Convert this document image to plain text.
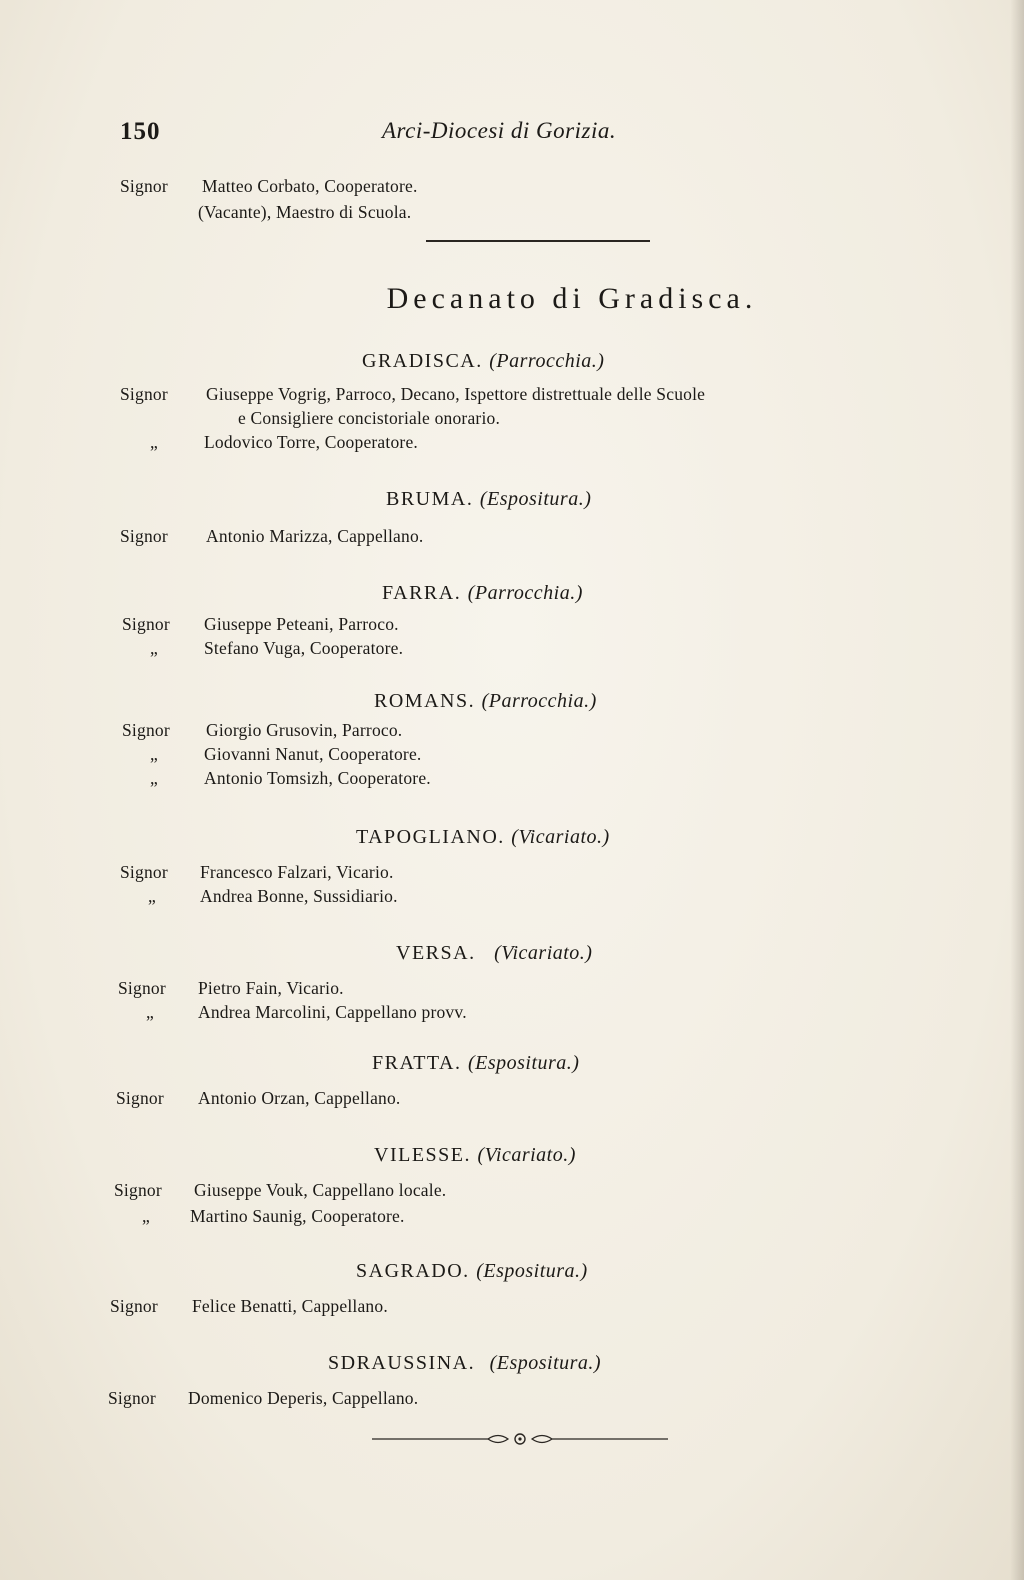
150	Arci-Diocesi di Gorizia.
Signor Matteo Corbato, Cooperatore.
(Vacante), Maestro di Scuola.
Decanato di Gradisca.
GRADISCA. (Parrocchia.)
Signor Giuseppe Vogrig, Parroco, Decano, Ispettore distrettuale delle Scuole
e Consigliere concistoriale onorario.
„	Lodovico Torre, Cooperatore.
BRUMA. (Espositura.)
Signor Antonio Marizza, Cappellano.
FARRA. (Parrocchia.)
Signor Giuseppe Peteani, Parroco.
„	Stefano Vuga, Cooperatore.
ROMANS. (Parrocchia.)
Signor Giorgio Grusovin, Parroco.
„	Giovanni Nanut, Cooperatore.
„	Antonio Tomsizh, Cooperatore.
TAPOGLIANO. (Vicariato.)
Signor Francesco Falzari, Vicario.
„	Andrea Bonne, Sussidiario.
VERSA. (Vicariato.)
Signor Pietro Fain, Vicario.
„	Andrea Marcolini, Cappellano provv.
FRATTA. (Espositura.)
Signor Antonio Orzan, Cappellano.
VILESSE. (Vicariato.)
Signor Giuseppe Vouk, Cappellano locale.
„ Martino Saunig, Cooperatore.
SAGRADO. (Espositura.)
Signor Felice Benatti, Cappellano.
SDRAUSSINA. (Espositura.)
Signor Domenico Deperis, Cappellano.
